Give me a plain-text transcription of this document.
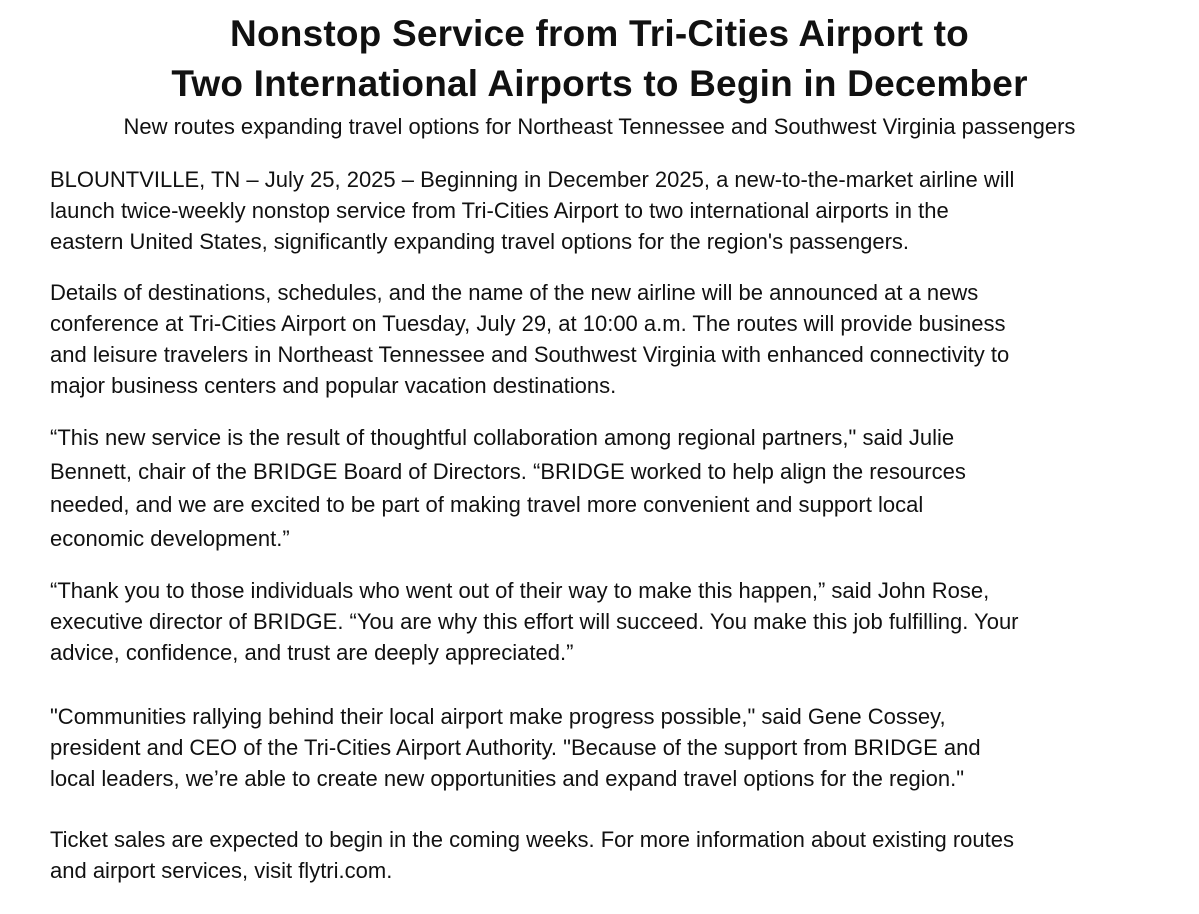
Nonstop Service from Tri-Cities Airport to
Two International Airports to Begin in December

New routes expanding travel options for Northeast Tennessee and Southwest Virginia passengers

BLOUNTVILLE, TN – July 25, 2025 – Beginning in December 2025, a new-to-the-market airline will
launch twice-weekly nonstop service from Tri-Cities Airport to two international airports in the
eastern United States, significantly expanding travel options for the region's passengers.

Details of destinations, schedules, and the name of the new airline will be announced at a news
conference at Tri-Cities Airport on Tuesday, July 29, at 10:00 a.m. The routes will provide business
and leisure travelers in Northeast Tennessee and Southwest Virginia with enhanced connectivity to
major business centers and popular vacation destinations.

“This new service is the result of thoughtful collaboration among regional partners," said Julie
Bennett, chair of the BRIDGE Board of Directors. “BRIDGE worked to help align the resources
needed, and we are excited to be part of making travel more convenient and support local
economic development.”

“Thank you to those individuals who went out of their way to make this happen,” said John Rose,
executive director of BRIDGE. “You are why this effort will succeed. You make this job fulfilling. Your
advice, confidence, and trust are deeply appreciated.”

"Communities rallying behind their local airport make progress possible," said Gene Cossey,
president and CEO of the Tri-Cities Airport Authority. "Because of the support from BRIDGE and
local leaders, we’re able to create new opportunities and expand travel options for the region."

Ticket sales are expected to begin in the coming weeks. For more information about existing routes
and airport services, visit flytri.com.
